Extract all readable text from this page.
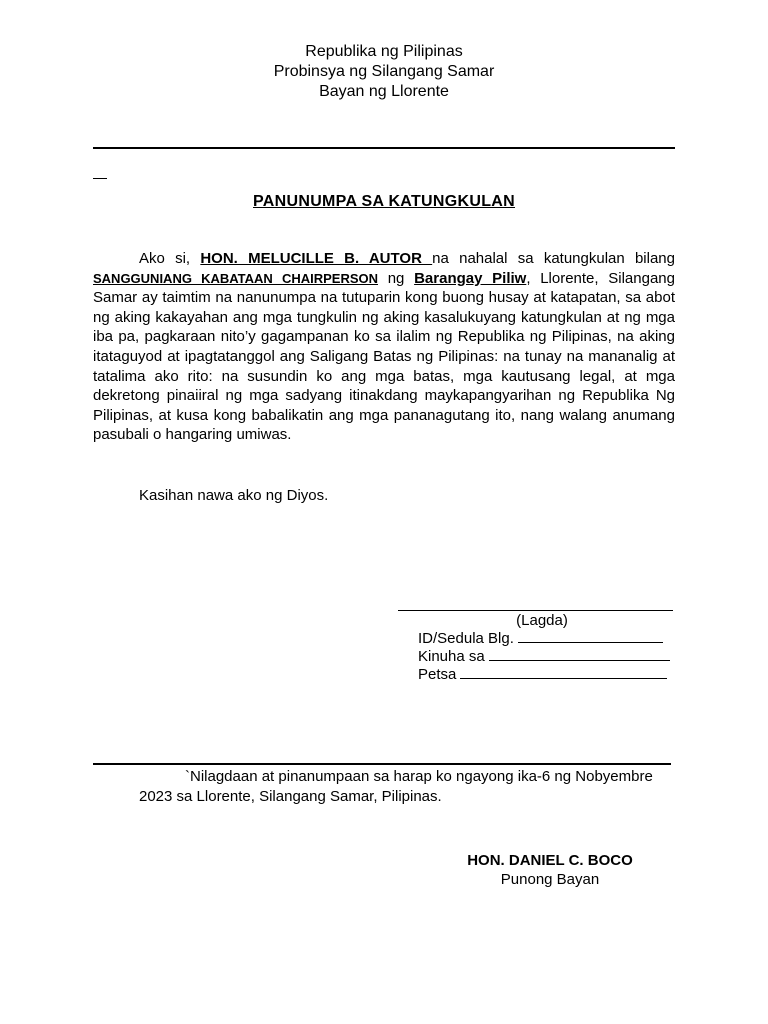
Republika ng Pilipinas
Probinsya ng Silangang Samar
Bayan ng Llorente
PANUNUMPA SA KATUNGKULAN
Ako si, HON. MELUCILLE B. AUTOR na nahalal sa katungkulan bilang SANGGUNIANG KABATAAN CHAIRPERSON ng Barangay Piliw, Llorente, Silangang Samar ay taimtim na nanunumpa na tutuparin kong buong husay at katapatan, sa abot ng aking kakayahan ang mga tungkulin ng aking kasalukuyang katungkulan at ng mga iba pa, pagkaraan nito’y gagampanan ko sa ilalim ng Republika ng Pilipinas, na aking itataguyod at ipagtatanggol ang Saligang Batas ng Pilipinas: na tunay na mananalig at tatalima ako rito: na susundin ko ang mga batas, mga kautusang legal, at mga dekretong pinaiiral ng mga sadyang itinakdang maykapangyarihan ng Republika Ng Pilipinas, at kusa kong babalikatin ang mga pananagutang ito, nang walang anumang pasubali o hangaring umiwas.
Kasihan nawa ako ng Diyos.
(Lagda)
ID/Sedula Blg.
Kinuha sa
Petsa
`Nilagdaan at pinanumpaan sa harap ko ngayong ika-6 ng Nobyembre 2023 sa Llorente, Silangang Samar, Pilipinas.
HON. DANIEL C. BOCO
Punong Bayan
